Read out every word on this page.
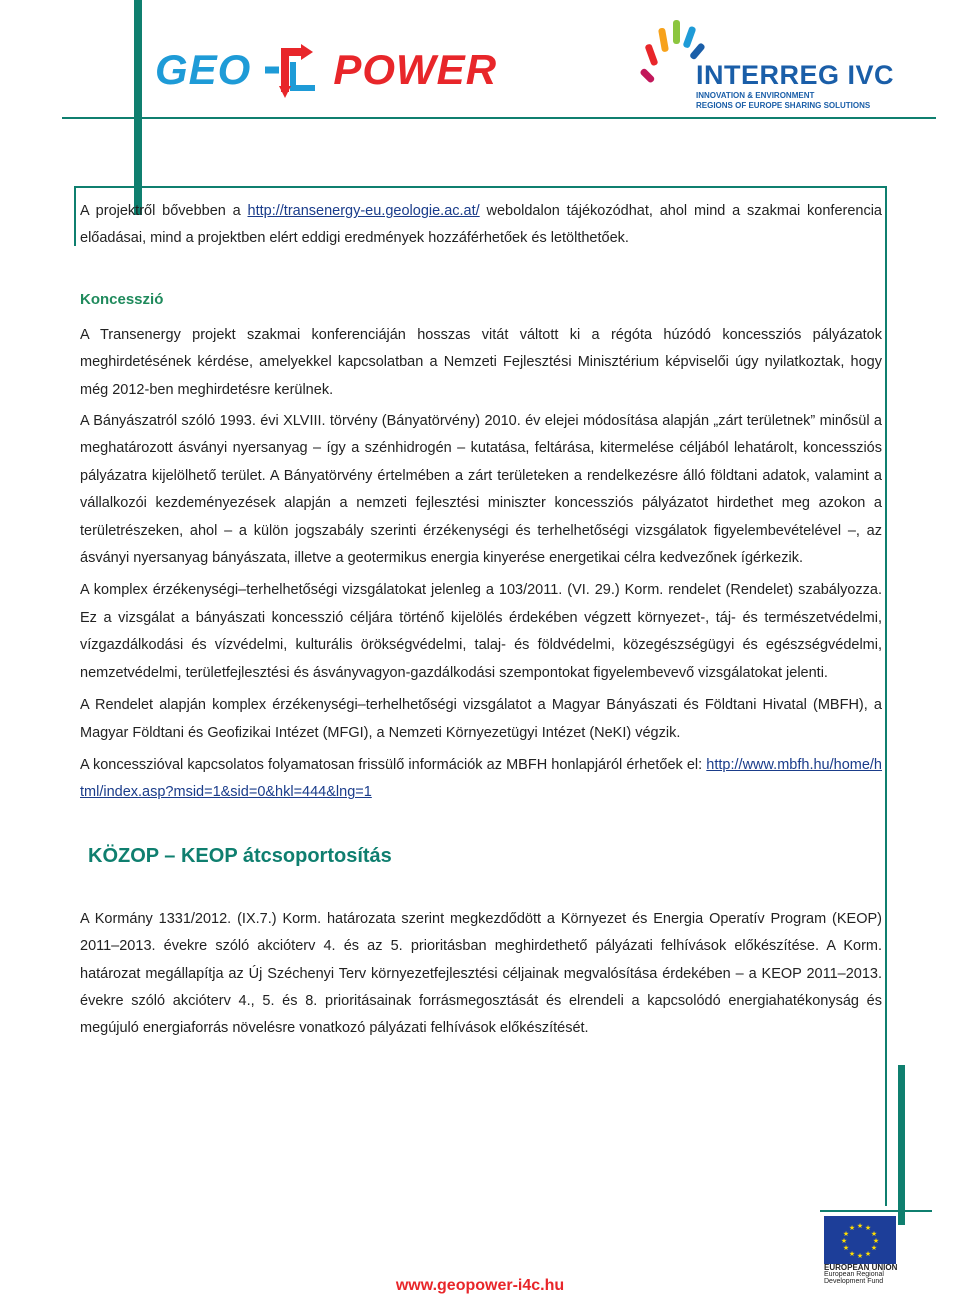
GEO POWER	INTERREG IVC
INNOVATION & ENVIRONMENT
REGIONS OF EUROPE SHARING SOLUTIONS

A projektről bővebben a http://transenergy-eu.geologie.ac.at/ weboldalon tájékozódhat, ahol mind a szakmai konferencia előadásai, mind a projektben elért eddigi eredmények hozzáférhetőek és letölthetőek.

Koncesszió

A Transenergy projekt szakmai konferenciáján hosszas vitát váltott ki a régóta húzódó koncessziós pályázatok meghirdetésének kérdése, amelyekkel kapcsolatban a Nemzeti Fejlesztési Minisztérium képviselői úgy nyilatkoztak, hogy még 2012-ben meghirdetésre kerülnek.

A Bányászatról szóló 1993. évi XLVIII. törvény (Bányatörvény) 2010. év elejei módosítása alapján „zárt területnek” minősül a meghatározott ásványi nyersanyag – így a szénhidrogén – kutatása, feltárása, kitermelése céljából lehatárolt, koncessziós pályázatra kijelölhető terület. A Bányatörvény értelmében a zárt területeken a rendelkezésre álló földtani adatok, valamint a vállalkozói kezdeményezések alapján a nemzeti fejlesztési miniszter koncessziós pályázatot hirdethet meg azokon a területrészeken, ahol – a külön jogszabály szerinti érzékenységi és terhelhetőségi vizsgálatok figyelembevételével –, az ásványi nyersanyag bányászata, illetve a geotermikus energia kinyerése energetikai célra kedvezőnek ígérkezik.

A komplex érzékenységi–terhelhetőségi vizsgálatokat jelenleg a 103/2011. (VI. 29.) Korm. rendelet (Rendelet) szabályozza. Ez a vizsgálat a bányászati koncesszió céljára történő kijelölés érdekében végzett környezet-, táj- és természetvédelmi, vízgazdálkodási és vízvédelmi, kulturális örökségvédelmi, talaj- és földvédelmi, közegészségügyi és egészségvédelmi, nemzetvédelmi, területfejlesztési és ásványvagyon-gazdálkodási szempontokat figyelembevevő vizsgálatokat jelenti.

A Rendelet alapján komplex érzékenységi–terhelhetőségi vizsgálatot a Magyar Bányászati és Földtani Hivatal (MBFH), a Magyar Földtani és Geofizikai Intézet (MFGI), a Nemzeti Környezetügyi Intézet (NeKI) végzik.

A koncesszióval kapcsolatos folyamatosan frissülő információk az MBFH honlapjáról érhetőek el: http://www.mbfh.hu/home/html/index.asp?msid=1&sid=0&hkl=444&lng=1

KÖZOP – KEOP átcsoportosítás

A Kormány 1331/2012. (IX.7.) Korm. határozata szerint megkezdődött a Környezet és Energia Operatív Program (KEOP) 2011–2013. évekre szóló akcióterv 4. és az 5. prioritásban meghirdethető pályázati felhívások előkészítése. A Korm. határozat megállapítja az Új Széchenyi Terv környezetfejlesztési céljainak megvalósítása érdekében – a KEOP 2011–2013. évekre szóló akcióterv 4., 5. és 8. prioritásainak forrásmegosztását és elrendeli a kapcsolódó energiahatékonyság és megújuló energiaforrás növelésre vonatkozó pályázati felhívások előkészítését.

★ ★
★
★
★
★
★
★
★
★
★
★
EUROPEAN UNION
European Regional
Development Fund
www.geopower-i4c.hu
